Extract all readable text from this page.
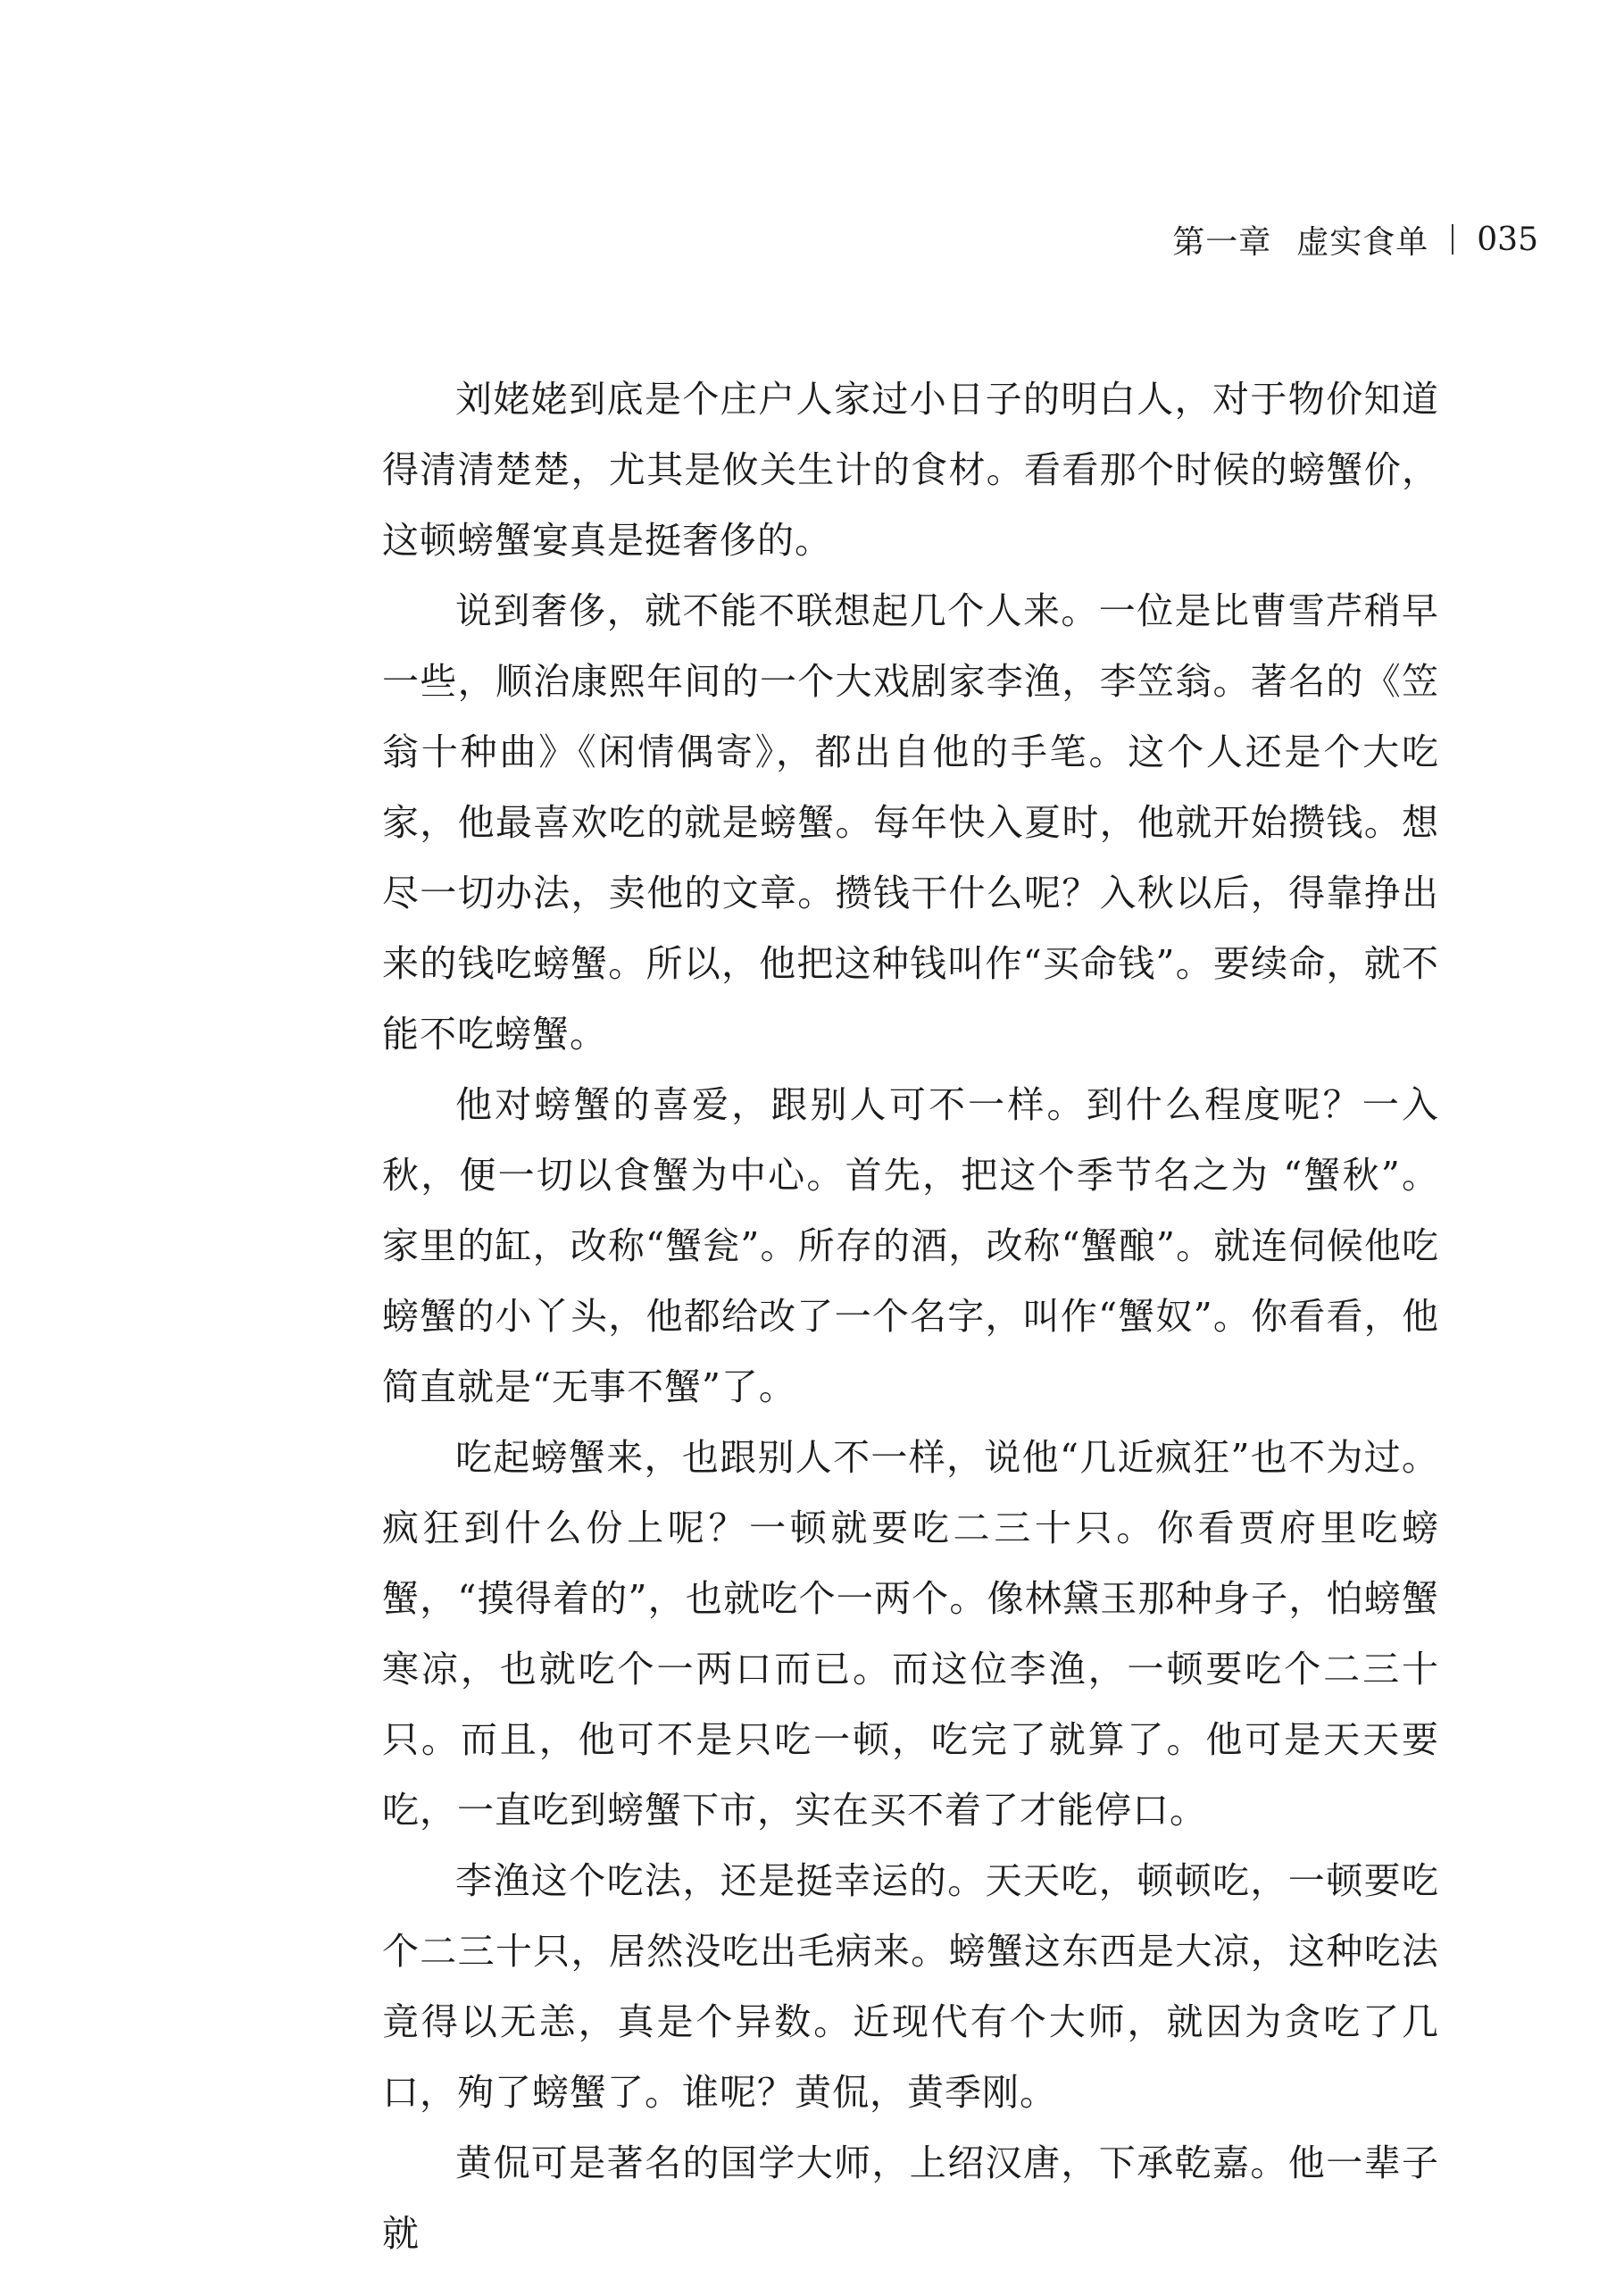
第一章 虚实食单 035

刘姥姥到底是个庄户人家过小日子的明白人，对于物价知道得清清楚楚，尤其是攸关生计的食材。看看那个时候的螃蟹价，这顿螃蟹宴真是挺奢侈的。

说到奢侈，就不能不联想起几个人来。一位是比曹雪芹稍早一些，顺治康熙年间的一个大戏剧家李渔，李笠翁。著名的《笠翁十种曲》《闲情偶寄》，都出自他的手笔。这个人还是个大吃家，他最喜欢吃的就是螃蟹。每年快入夏时，他就开始攒钱。想尽一切办法，卖他的文章。攒钱干什么呢？入秋以后，得靠挣出来的钱吃螃蟹。所以，他把这种钱叫作“买命钱”。要续命，就不能不吃螃蟹。

他对螃蟹的喜爱，跟别人可不一样。到什么程度呢？一入秋，便一切以食蟹为中心。首先，把这个季节名之为 “蟹秋”。家里的缸，改称“蟹瓮”。所存的酒，改称“蟹酿”。就连伺候他吃螃蟹的小丫头，他都给改了一个名字，叫作“蟹奴”。你看看，他简直就是“无事不蟹”了。

吃起螃蟹来，也跟别人不一样，说他“几近疯狂”也不为过。疯狂到什么份上呢？一顿就要吃二三十只。你看贾府里吃螃蟹，“摸得着的”，也就吃个一两个。像林黛玉那种身子，怕螃蟹寒凉，也就吃个一两口而已。而这位李渔，一顿要吃个二三十只。而且，他可不是只吃一顿，吃完了就算了。他可是天天要吃，一直吃到螃蟹下市，实在买不着了才能停口。

李渔这个吃法，还是挺幸运的。天天吃，顿顿吃，一顿要吃个二三十只，居然没吃出毛病来。螃蟹这东西是大凉，这种吃法竟得以无恙，真是个异数。近现代有个大师，就因为贪吃了几口，殉了螃蟹了。谁呢？黄侃，黄季刚。

黄侃可是著名的国学大师，上绍汉唐，下承乾嘉。他一辈子就
